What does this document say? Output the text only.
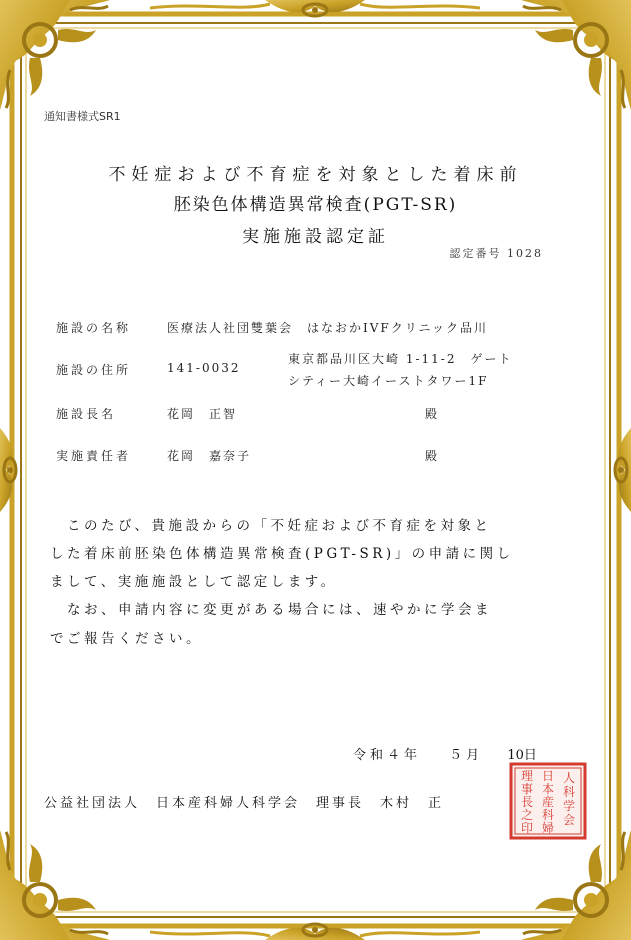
通知書様式SR1
不妊症および不育症を対象とした着床前
胚染色体構造異常検査(PGT-SR)
実施施設認定証
認定番号 1028
施設の名称	医療法人社団雙葉会　はなおかIVFクリニック品川
施設の住所	141-0032
東京都品川区大崎 1-11-2　ゲート
シティー大崎イーストタワー1F
施設長名	花岡　正智	殿
実施責任者	花岡　嘉奈子	殿
　このたび、貴施設からの「不妊症および不育症を対象と
した着床前胚染色体構造異常検査(PGT-SR)」の申請に関し
まして、実施施設として認定します。
　なお、申請内容に変更がある場合には、速やかに学会ま
でご報告ください。
令和４年 ５月 10日
公益社団法人　日本産科婦人科学会　理事長　木村　正
人
科
学
会
日
本
産
科
婦
理
事
長
之
印
